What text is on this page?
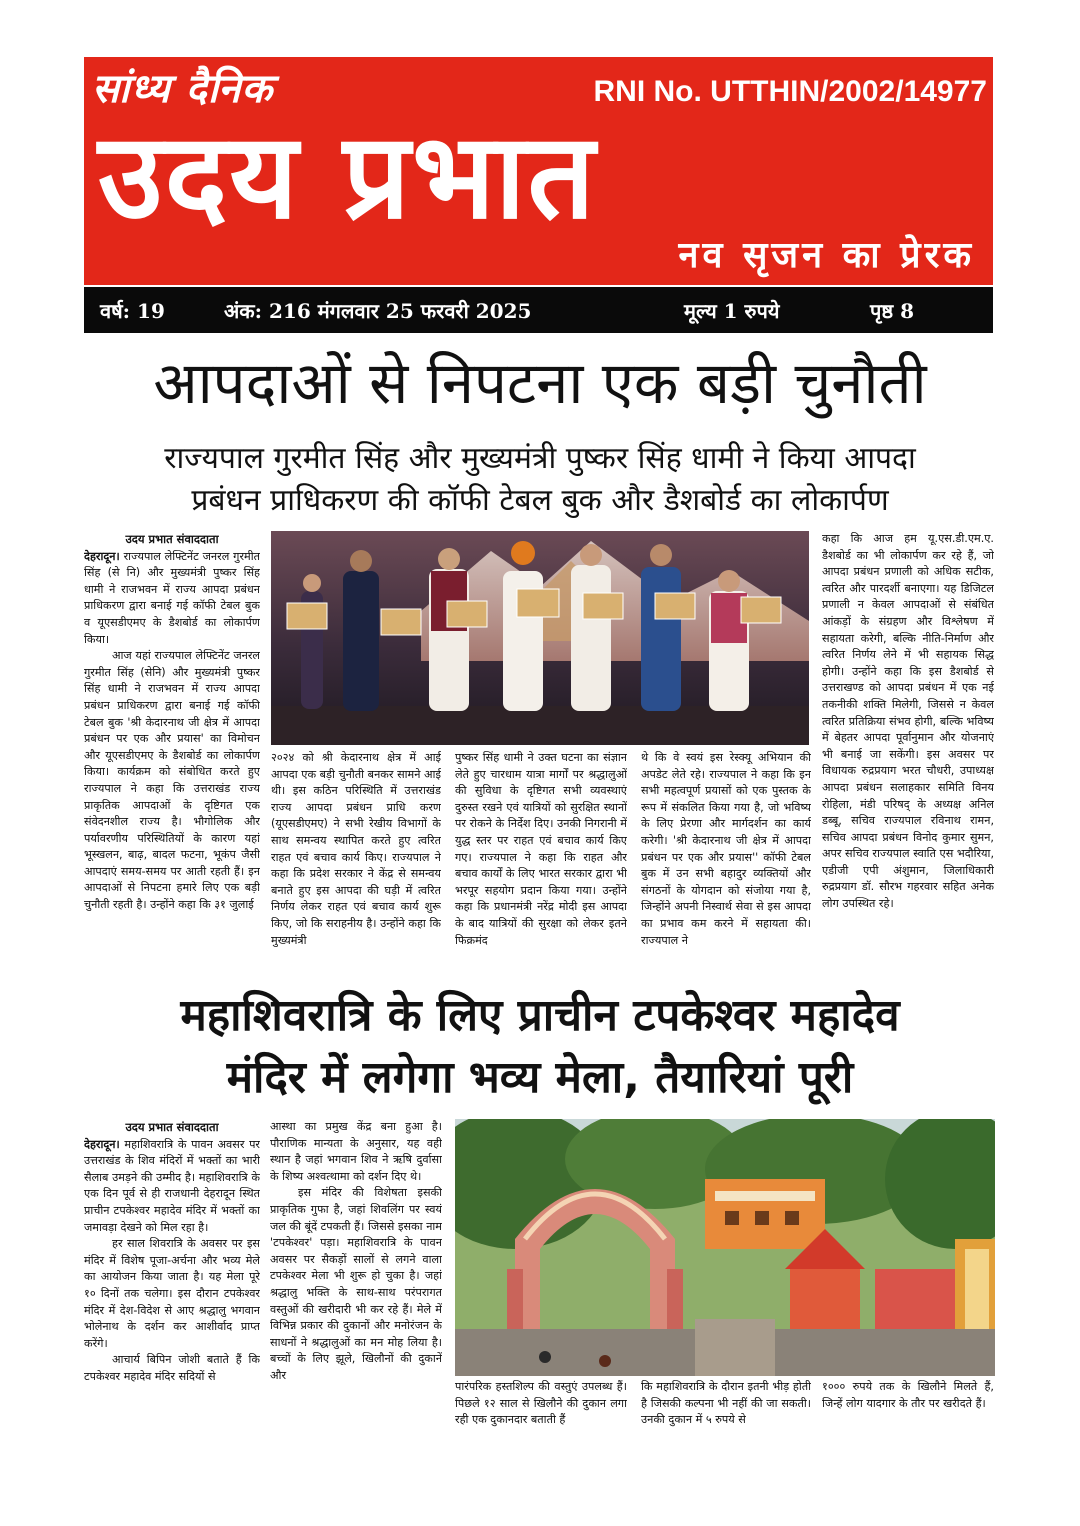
सांध्य दैनिक	RNI No. UTTHIN/2002/14977
उदय प्रभात
नव सृजन का प्रेरक
वर्ष: 19	अंक: 216 मंगलवार 25 फरवरी 2025	मूल्य 1 रुपये	पृष्ठ 8
आपदाओं से निपटना एक बड़ी चुनौती
राज्यपाल गुरमीत सिंह और मुख्यमंत्री पुष्कर सिंह धामी ने किया आपदा
प्रबंधन प्राधिकरण की कॉफी टेबल बुक और डैशबोर्ड का लोकार्पण
उदय प्रभात संवाददाता

देहरादून। राज्यपाल लेफ्टिनेंट जनरल गुरमीत सिंह (से नि) और मुख्यमंत्री पुष्कर सिंह धामी ने राजभवन में राज्य आपदा प्रबंधन प्राधिकरण द्वारा बनाई गई कॉफी टेबल बुक व यूएसडीएमए के डैशबोर्ड का लोकार्पण किया।

आज यहां राज्यपाल लेफ्टिनेंट जनरल गुरमीत सिंह (सेनि) और मुख्यमंत्री पुष्कर सिंह धामी ने राजभवन में राज्य आपदा प्रबंधन प्राधिकरण द्वारा बनाई गई कॉफी टेबल बुक 'श्री केदारनाथ जी क्षेत्र में आपदा प्रबंधन पर एक और प्रयास' का विमोचन और यूएसडीएमए के डैशबोर्ड का लोकार्पण किया। कार्यक्रम को संबोधित करते हुए राज्यपाल ने कहा कि उत्तराखंड राज्य प्राकृतिक आपदाओं के दृष्टिगत एक संवेदनशील राज्य है। भौगोलिक और पर्यावरणीय परिस्थितियों के कारण यहां भूस्खलन, बाढ़, बादल फटना, भूकंप जैसी आपदाएं समय-समय पर आती रहती हैं। इन आपदाओं से निपटना हमारे लिए एक बड़ी चुनौती रहती है। उन्होंने कहा कि ३१ जुलाई

२०२४ को श्री केदारनाथ क्षेत्र में आई आपदा एक बड़ी चुनौती बनकर सामने आई थी। इस कठिन परिस्थिति में उत्तराखंड राज्य आपदा प्रबंधन प्राधि करण (यूएसडीएमए) ने सभी रेखीय विभागों के साथ समन्वय स्थापित करते हुए त्वरित राहत एवं बचाव कार्य किए। राज्यपाल ने कहा कि प्रदेश सरकार ने केंद्र से समन्वय बनाते हुए इस आपदा की घड़ी में त्वरित निर्णय लेकर राहत एवं बचाव कार्य शुरू किए, जो कि सराहनीय है। उन्होंने कहा कि मुख्यमंत्री

पुष्कर सिंह धामी ने उक्त घटना का संज्ञान लेते हुए चारधाम यात्रा मार्गों पर श्रद्धालुओं की सुविधा के दृष्टिगत सभी व्यवस्थाएं दुरुस्त रखने एवं यात्रियों को सुरक्षित स्थानों पर रोकने के निर्देश दिए। उनकी निगरानी में युद्ध स्तर पर राहत एवं बचाव कार्य किए गए। राज्यपाल ने कहा कि राहत और बचाव कार्यों के लिए भारत सरकार द्वारा भी भरपूर सहयोग प्रदान किया गया। उन्होंने कहा कि प्रधानमंत्री नरेंद्र मोदी इस आपदा के बाद यात्रियों की सुरक्षा को लेकर इतने फिक्रमंद

थे कि वे स्वयं इस रेस्क्यू अभियान की अपडेट लेते रहे। राज्यपाल ने कहा कि इन सभी महत्वपूर्ण प्रयासों को एक पुस्तक के रूप में संकलित किया गया है, जो भविष्य के लिए प्रेरणा और मार्गदर्शन का कार्य करेगी। 'श्री केदारनाथ जी क्षेत्र में आपदा प्रबंधन पर एक और प्रयास'' कॉफी टेबल बुक में उन सभी बहादुर व्यक्तियों और संगठनों के योगदान को संजोया गया है, जिन्होंने अपनी निस्वार्थ सेवा से इस आपदा का प्रभाव कम करने में सहायता की। राज्यपाल ने

कहा कि आज हम यू.एस.डी.एम.ए. डैशबोर्ड का भी लोकार्पण कर रहे हैं, जो आपदा प्रबंधन प्रणाली को अधिक सटीक, त्वरित और पारदर्शी बनाएगा। यह डिजिटल प्रणाली न केवल आपदाओं से संबंधित आंकड़ों के संग्रहण और विश्लेषण में सहायता करेगी, बल्कि नीति-निर्माण और त्वरित निर्णय लेने में भी सहायक सिद्ध होगी। उन्होंने कहा कि इस डैशबोर्ड से उत्तराखण्ड को आपदा प्रबंधन में एक नई तकनीकी शक्ति मिलेगी, जिससे न केवल त्वरित प्रतिक्रिया संभव होगी, बल्कि भविष्य में बेहतर आपदा पूर्वानुमान और योजनाएं भी बनाई जा सकेंगी। इस अवसर पर विधायक रुद्रप्रयाग भरत चौधरी, उपाध्यक्ष आपदा प्रबंधन सलाहकार समिति विनय रोहिला, मंडी परिषद् के अध्यक्ष अनिल डब्बू, सचिव राज्यपाल रविनाथ रामन, सचिव आपदा प्रबंधन विनोद कुमार सुमन, अपर सचिव राज्यपाल स्वाति एस भदौरिया, एडीजी एपी अंशुमान, जिलाधिकारी रुद्रप्रयाग डॉ. सौरभ गहरवार सहित अनेक लोग उपस्थित रहे।

महाशिवरात्रि के लिए प्राचीन टपकेश्वर महादेव
मंदिर में लगेगा भव्य मेला, तैयारियां पूरी
उदय प्रभात संवाददाता

देहरादून। महाशिवरात्रि के पावन अवसर पर उत्तराखंड के शिव मंदिरों में भक्तों का भारी सैलाब उमड़ने की उम्मीद है। महाशिवरात्रि के एक दिन पूर्व से ही राजधानी देहरादून स्थित प्राचीन टपकेश्वर महादेव मंदिर में भक्तों का जमावड़ा देखने को मिल रहा है।

हर साल शिवरात्रि के अवसर पर इस मंदिर में विशेष पूजा-अर्चना और भव्य मेले का आयोजन किया जाता है। यह मेला पूरे १० दिनों तक चलेगा। इस दौरान टपकेश्वर मंदिर में देश-विदेश से आए श्रद्धालु भगवान भोलेनाथ के दर्शन कर आशीर्वाद प्राप्त करेंगे।

आचार्य बिपिन जोशी बताते हैं कि टपकेश्वर महादेव मंदिर सदियों से

आस्था का प्रमुख केंद्र बना हुआ है। पौराणिक मान्यता के अनुसार, यह वही स्थान है जहां भगवान शिव ने ऋषि दुर्वासा के शिष्य अश्वत्थामा को दर्शन दिए थे।

इस मंदिर की विशेषता इसकी प्राकृतिक गुफा है, जहां शिवलिंग पर स्वयं जल की बूंदें टपकती हैं। जिससे इसका नाम 'टपकेश्वर' पड़ा। महाशिवरात्रि के पावन अवसर पर सैकड़ों सालों से लगने वाला टपकेश्वर मेला भी शुरू हो चुका है। जहां श्रद्धालु भक्ति के साथ-साथ परंपरागत वस्तुओं की खरीदारी भी कर रहे हैं। मेले में विभिन्न प्रकार की दुकानों और मनोरंजन के साधनों ने श्रद्धालुओं का मन मोह लिया है। बच्चों के लिए झूले, खिलौनों की दुकानें और

पारंपरिक हस्तशिल्प की वस्तुएं उपलब्ध हैं। पिछले १२ साल से खिलौने की दुकान लगा रही एक दुकानदार बताती हैं

कि महाशिवरात्रि के दौरान इतनी भीड़ होती है जिसकी कल्पना भी नहीं की जा सकती। उनकी दुकान में ५ रुपये से

१००० रुपये तक के खिलौने मिलते हैं, जिन्हें लोग यादगार के तौर पर खरीदते हैं।
